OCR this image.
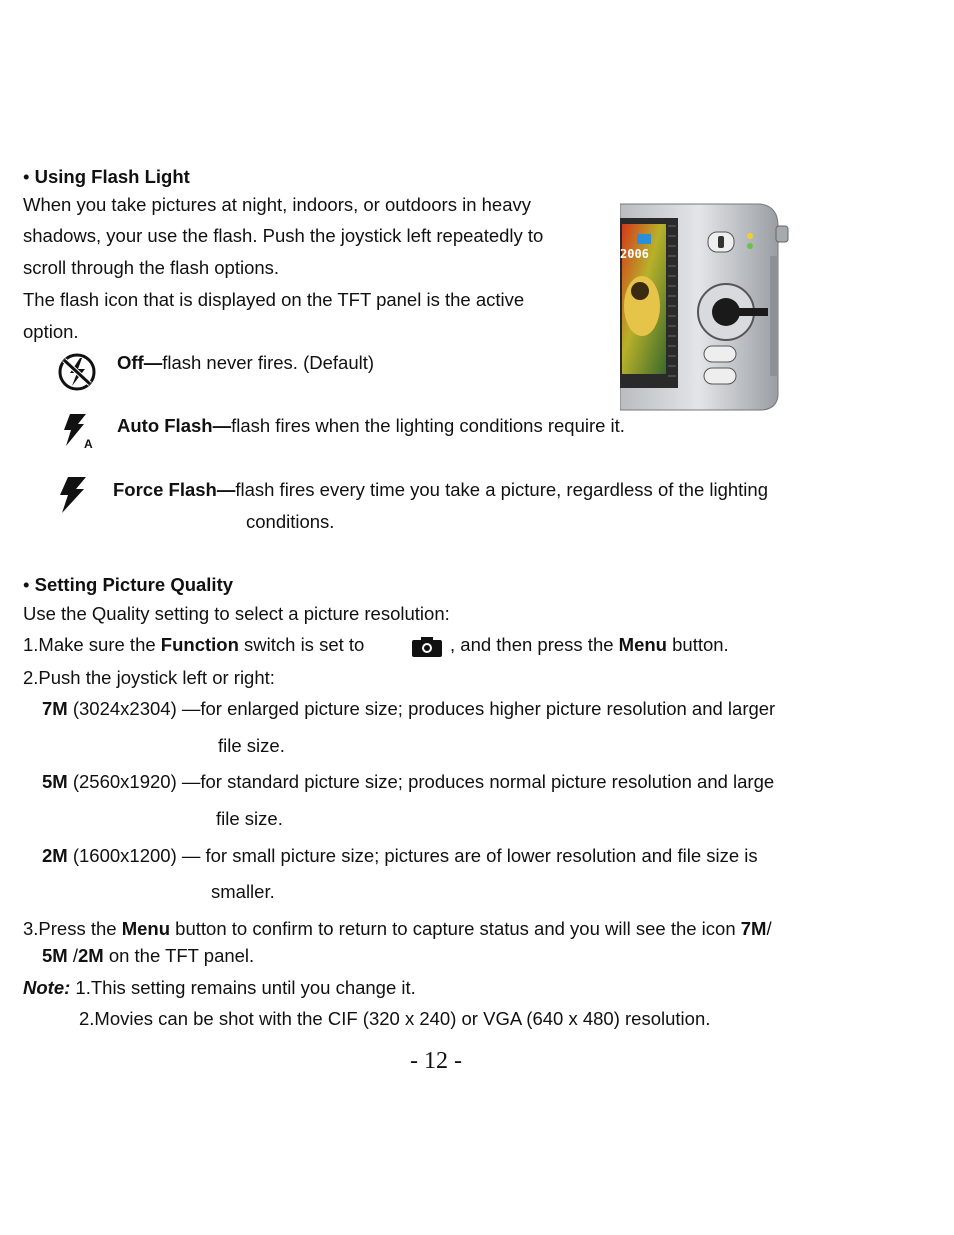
• Using Flash Light
When you take pictures at night, indoors, or outdoors in heavy
shadows, your use the flash. Push the joystick left repeatedly to
scroll through the flash options.
The flash icon that is displayed on the TFT panel is the active
option.
2006
Off—flash never fires. (Default)
A
Auto Flash—flash fires when the lighting conditions require it.
Force Flash—flash fires every time you take a picture, regardless of the lighting
conditions.
• Setting Picture Quality
Use the Quality setting to select a picture resolution:
1.Make sure the Function switch is set to	, and then press the Menu button.
2.Push the joystick left or right:
7M (3024x2304) —for enlarged picture size; produces higher picture resolution and larger
file size.
5M (2560x1920) —for standard picture size; produces normal picture resolution and large
file size.
2M (1600x1200) — for small picture size; pictures are of lower resolution and file size is
smaller.
3.Press the Menu button to confirm to return to capture status and you will see the icon 7M/
5M /2M on the TFT panel.
Note: 1.This setting remains until you change it.
2.Movies can be shot with the CIF (320 x 240) or VGA (640 x 480) resolution.
- 12 -
